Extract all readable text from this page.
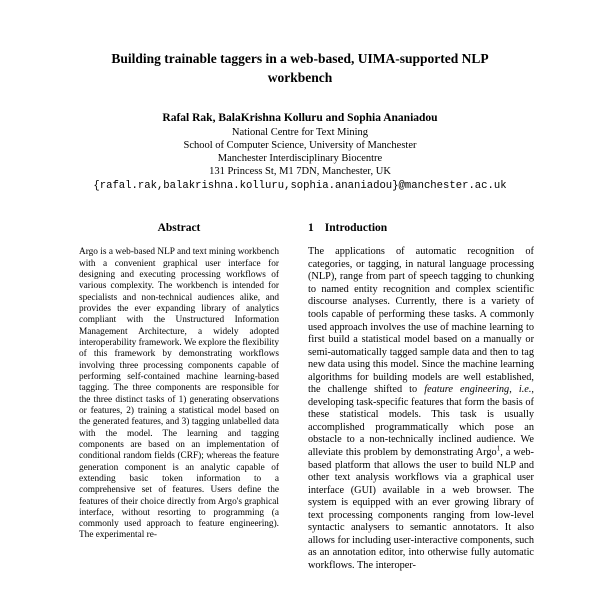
Building trainable taggers in a web-based, UIMA-supported NLP workbench
Rafal Rak, BalaKrishna Kolluru and Sophia Ananiadou
National Centre for Text Mining
School of Computer Science, University of Manchester
Manchester Interdisciplinary Biocentre
131 Princess St, M1 7DN, Manchester, UK
{rafal.rak,balakrishna.kolluru,sophia.ananiadou}@manchester.ac.uk
Abstract

Argo is a web-based NLP and text mining workbench with a convenient graphical user interface for designing and executing processing workflows of various complexity. The workbench is intended for specialists and non-technical audiences alike, and provides the ever expanding library of analytics compliant with the Unstructured Information Management Architecture, a widely adopted interoperability framework. We explore the flexibility of this framework by demonstrating workflows involving three processing components capable of performing self-contained machine learning-based tagging. The three components are responsible for the three distinct tasks of 1) generating observations or features, 2) training a statistical model based on the generated features, and 3) tagging unlabelled data with the model. The learning and tagging components are based on an implementation of conditional random fields (CRF); whereas the feature generation component is an analytic capable of extending basic token information to a comprehensive set of features. Users define the features of their choice directly from Argo's graphical interface, without resorting to programming (a commonly used approach to feature engineering). The experimental re-

1 Introduction

The applications of automatic recognition of categories, or tagging, in natural language processing (NLP), range from part of speech tagging to chunking to named entity recognition and complex scientific discourse analyses. Currently, there is a variety of tools capable of performing these tasks. A commonly used approach involves the use of machine learning to first build a statistical model based on a manually or semi-automatically tagged sample data and then to tag new data using this model. Since the machine learning algorithms for building models are well established, the challenge shifted to feature engineering, i.e., developing task-specific features that form the basis of these statistical models. This task is usually accomplished programmatically which pose an obstacle to a non-technically inclined audience. We alleviate this problem by demonstrating Argo$^1$, a web-based platform that allows the user to build NLP and other text analysis workflows via a graphical user interface (GUI) available in a web browser. The system is equipped with an ever growing library of text processing components ranging from low-level syntactic analysers to semantic annotators. It also allows for including user-interactive components, such as an annotation editor, into otherwise fully automatic workflows. The interoper-
